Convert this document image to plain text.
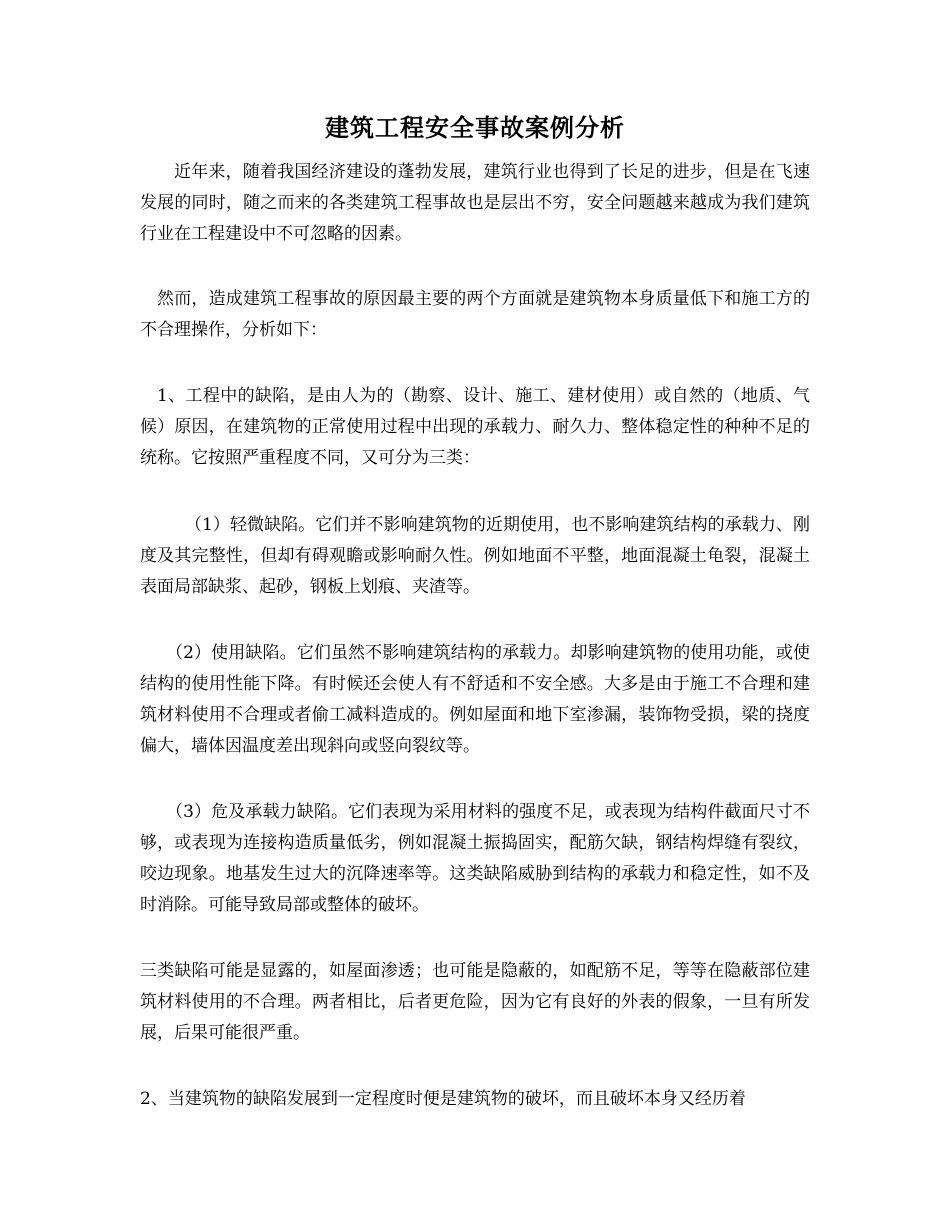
建筑工程安全事故案例分析

近年来，随着我国经济建设的蓬勃发展，建筑行业也得到了长足的进步，但是在飞速发展的同时，随之而来的各类建筑工程事故也是层出不穷，安全问题越来越成为我们建筑行业在工程建设中不可忽略的因素。

然而，造成建筑工程事故的原因最主要的两个方面就是建筑物本身质量低下和施工方的不合理操作，分析如下：

1、工程中的缺陷，是由人为的（勘察、设计、施工、建材使用）或自然的（地质、气候）原因，在建筑物的正常使用过程中出现的承载力、耐久力、整体稳定性的种种不足的统称。它按照严重程度不同，又可分为三类：

（1）轻微缺陷。它们并不影响建筑物的近期使用，也不影响建筑结构的承载力、刚度及其完整性，但却有碍观瞻或影响耐久性。例如地面不平整，地面混凝土龟裂，混凝土表面局部缺浆、起砂，钢板上划痕、夹渣等。

（2）使用缺陷。它们虽然不影响建筑结构的承载力。却影响建筑物的使用功能，或使结构的使用性能下降。有时候还会使人有不舒适和不安全感。大多是由于施工不合理和建筑材料使用不合理或者偷工减料造成的。例如屋面和地下室渗漏，装饰物受损，梁的挠度偏大，墙体因温度差出现斜向或竖向裂纹等。

（3）危及承载力缺陷。它们表现为采用材料的强度不足，或表现为结构件截面尺寸不够，或表现为连接构造质量低劣，例如混凝土振捣固实，配筋欠缺，钢结构焊缝有裂纹，咬边现象。地基发生过大的沉降速率等。这类缺陷威胁到结构的承载力和稳定性，如不及时消除。可能导致局部或整体的破坏。

三类缺陷可能是显露的，如屋面渗透；也可能是隐蔽的，如配筋不足，等等在隐蔽部位建筑材料使用的不合理。两者相比，后者更危险，因为它有良好的外表的假象，一旦有所发展，后果可能很严重。

2、当建筑物的缺陷发展到一定程度时便是建筑物的破坏，而且破坏本身又经历着
